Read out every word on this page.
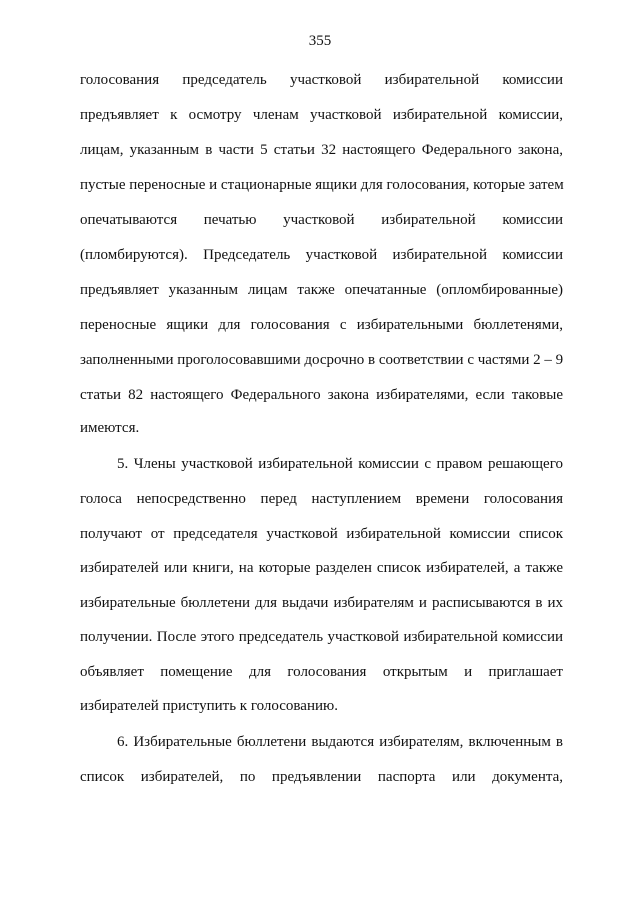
355
голосования председатель участковой избирательной комиссии
предъявляет к осмотру членам участковой избирательной комиссии,
лицам, указанным в части 5 статьи 32 настоящего Федерального закона,
пустые переносные и стационарные ящики для голосования, которые затем
опечатываются печатью участковой избирательной комиссии
(пломбируются). Председатель участковой избирательной комиссии
предъявляет указанным лицам также опечатанные (опломбированные)
переносные ящики для голосования с избирательными бюллетенями,
заполненными проголосовавшими досрочно в соответствии с частями 2 – 9
статьи 82 настоящего Федерального закона избирателями, если таковые
имеются.
5. Члены участковой избирательной комиссии с правом решающего
голоса непосредственно перед наступлением времени голосования
получают от председателя участковой избирательной комиссии список
избирателей или книги, на которые разделен список избирателей, а также
избирательные бюллетени для выдачи избирателям и расписываются в их
получении. После этого председатель участковой избирательной комиссии
объявляет помещение для голосования открытым и приглашает
избирателей приступить к голосованию.
6. Избирательные бюллетени выдаются избирателям, включенным в
список избирателей, по предъявлении паспорта или документа,
